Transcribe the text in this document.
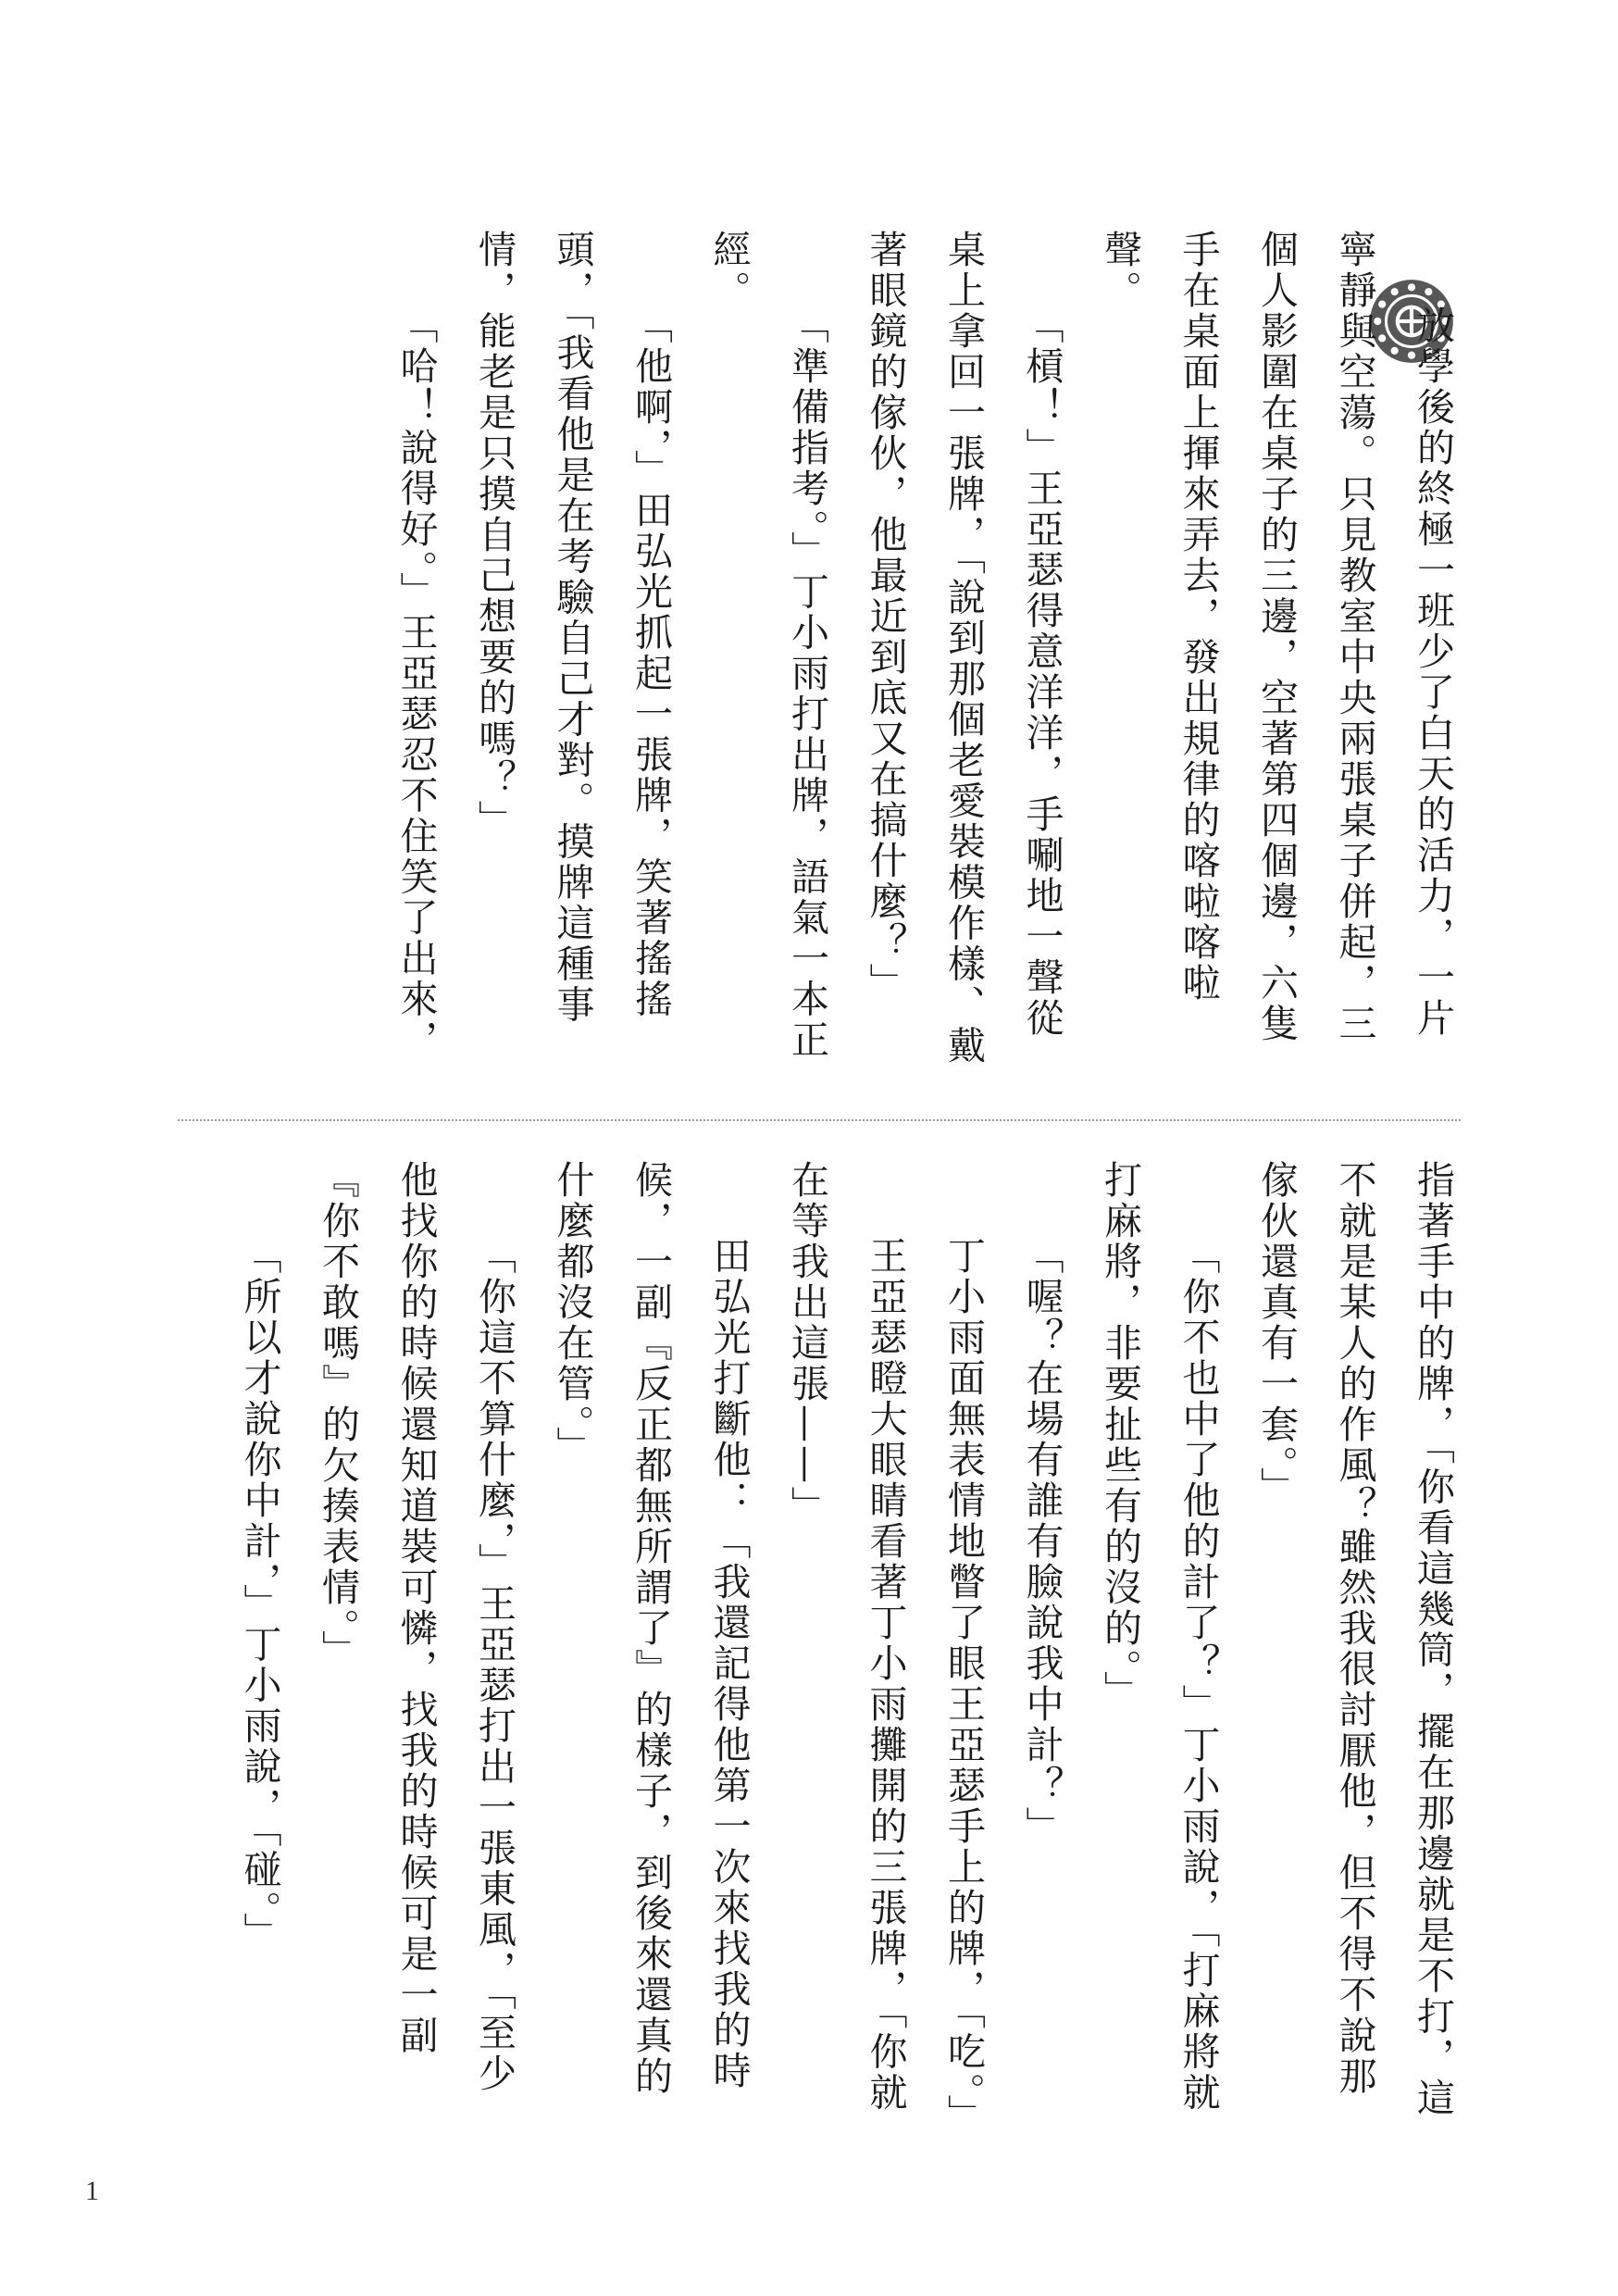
放學後的終極一班少了白天的活力，一片寧靜與空蕩。只見教室中央兩張桌子併起，三個人影圍在桌子的三邊，空著第四個邊，六隻手在桌面上揮來弄去，發出規律的喀啦喀啦聲。

「槓！」王亞瑟得意洋洋，手唰地一聲從桌上拿回一張牌，「說到那個老愛裝模作樣、戴著眼鏡的傢伙，他最近到底又在搞什麼？」

「準備指考。」丁小雨打出牌，語氣一本正經。

「他啊，」田弘光抓起一張牌，笑著搖搖頭，「我看他是在考驗自己才對。摸牌這種事情，能老是只摸自己想要的嗎？」

「哈！說得好。」王亞瑟忍不住笑了出來，

指著手中的牌，「你看這幾筒，擺在那邊就是不打，這不就是某人的作風？雖然我很討厭他，但不得不說那傢伙還真有一套。」

「你不也中了他的計了？」丁小雨說，「打麻將就打麻將，非要扯些有的沒的。」

「喔？在場有誰有臉說我中計？」

丁小雨面無表情地瞥了眼王亞瑟手上的牌，「吃。」

王亞瑟瞪大眼睛看著丁小雨攤開的三張牌，「你就在等我出這張——」

田弘光打斷他：「我還記得他第一次來找我的時候，一副『反正都無所謂了』的樣子，到後來還真的什麼都沒在管。」

「你這不算什麼，」王亞瑟打出一張東風，「至少他找你的時候還知道裝可憐，找我的時候可是一副『你不敢嗎』的欠揍表情。」

「所以才說你中計，」丁小雨說，「碰。」

1
